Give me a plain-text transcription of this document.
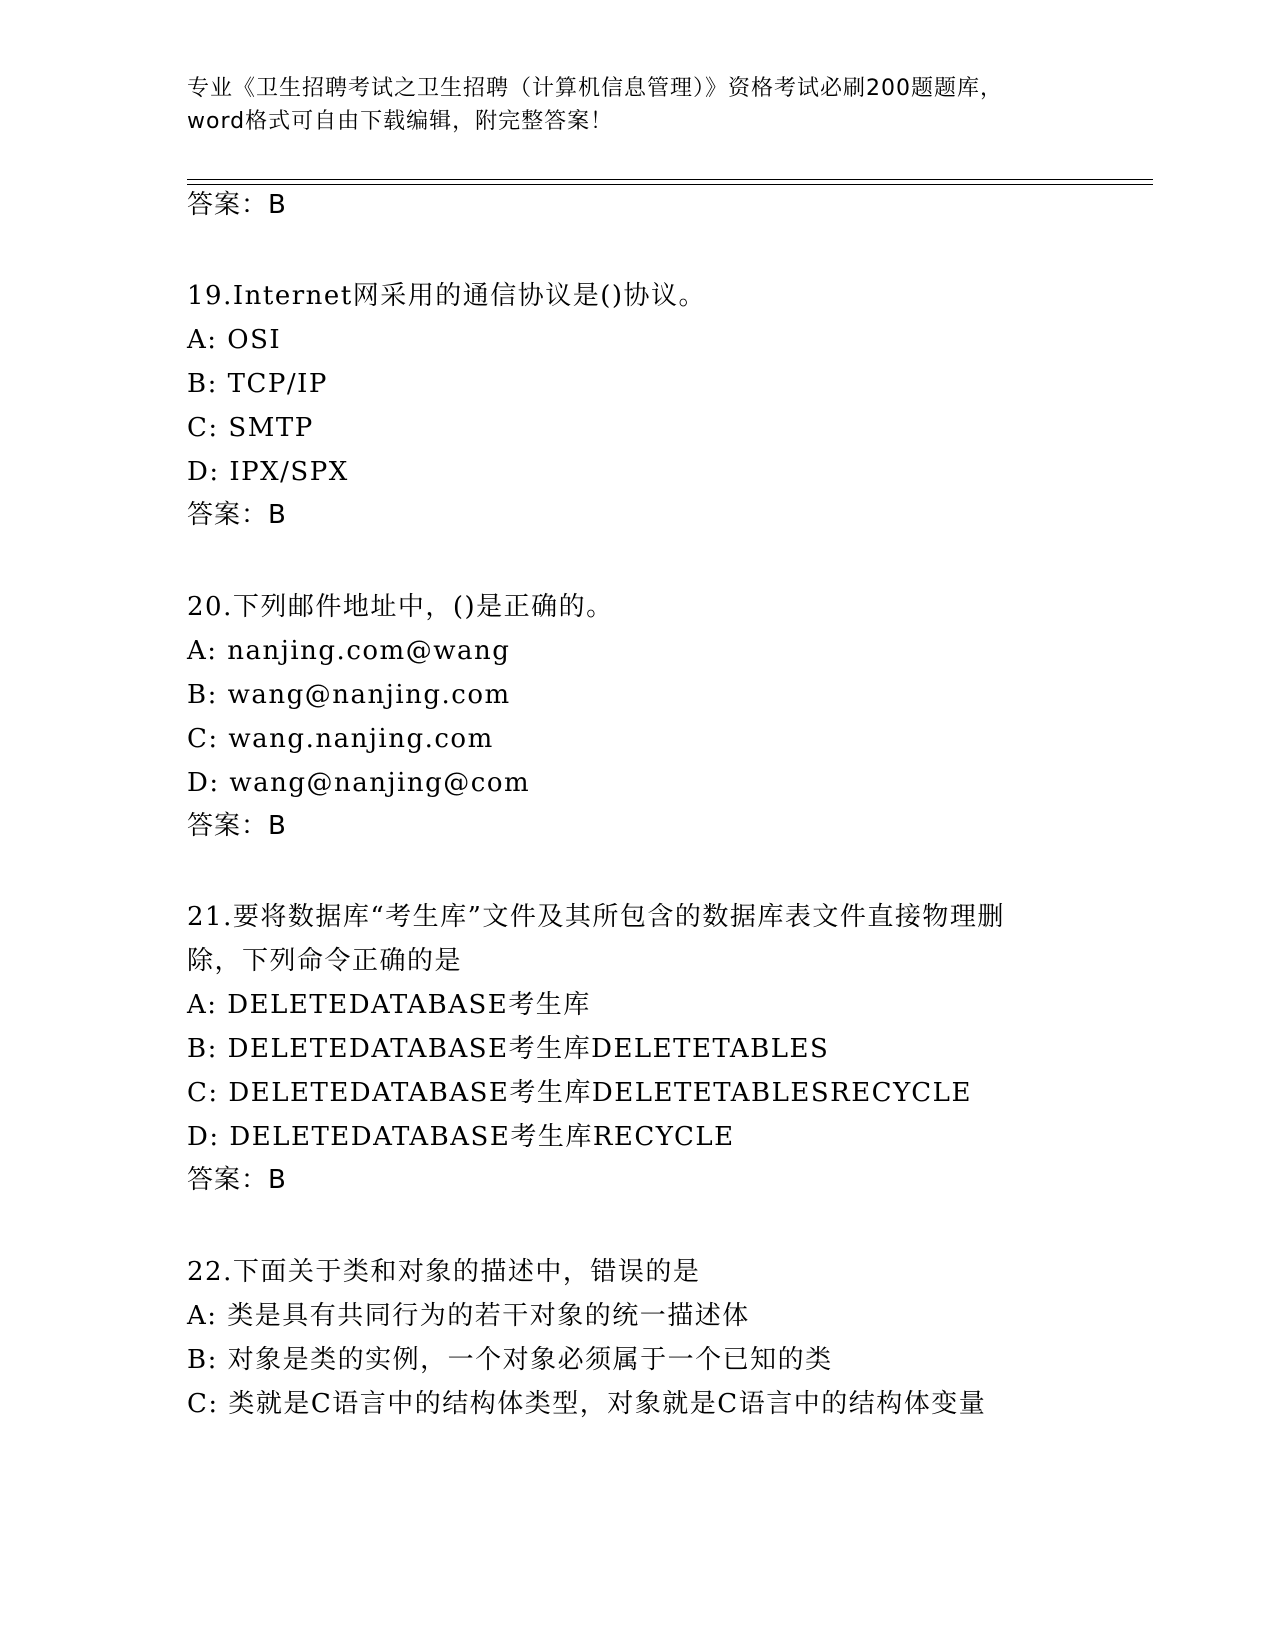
专业《卫生招聘考试之卫生招聘（计算机信息管理）》资格考试必刷200题题库，
word格式可自由下载编辑，附完整答案！
答案：B
19.Internet网采用的通信协议是()协议。
A: OSI
B: TCP/IP
C: SMTP
D: IPX/SPX
答案：B
20.下列邮件地址中，()是正确的。
A: nanjing.com@wang
B: wang@nanjing.com
C: wang.nanjing.com
D: wang@nanjing@com
答案：B
21.要将数据库“考生库”文件及其所包含的数据库表文件直接物理删
除，下列命令正确的是
A: DELETEDATABASE考生库
B: DELETEDATABASE考生库DELETETABLES
C: DELETEDATABASE考生库DELETETABLESRECYCLE
D: DELETEDATABASE考生库RECYCLE
答案：B
22.下面关于类和对象的描述中，错误的是
A: 类是具有共同行为的若干对象的统一描述体
B: 对象是类的实例，一个对象必须属于一个已知的类
C: 类就是C语言中的结构体类型，对象就是C语言中的结构体变量
